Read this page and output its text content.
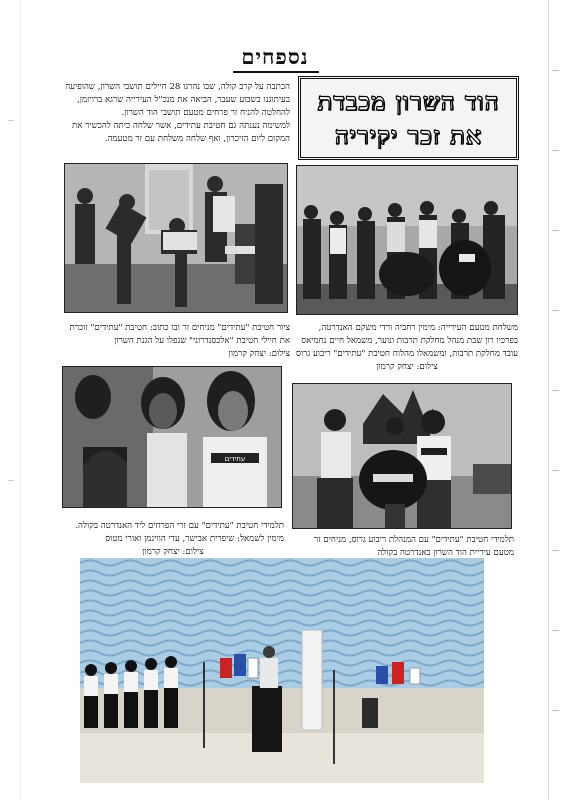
נספחים
הוד השרון מכבדת
את זכר יקיריה

הכתבה על קרב קולה, שבו נהרגו 28 חיילים תושבי השרון, שהופיעה בעיתוננו בשבוע שעבר, הביאה את מנכ"ל העירייה שרגא ברויזמן, להחלטה להניח זר פרחים מטעם תושבי הוד השרון.

למשימה נענתה גם חטיבת עתידים, אשר שלחה כיתה להכשיר את המקום ליום הזיכרון, ואף שלחה משלחת עם זר מטעמה.

ציור חטיבת "עתידים" מניחים זר ובו כתוב: חטיבת "עתידים" זוכרת את חיילי חטיבת "אלכסנדרוני" שנפלו על הגנת השרון
צילום: יצחק קרמון
משלחת מטעם העירייה: מימין רחביה ורדי משקם האנדרטה, בפרכיו רון שבת מנהל מחלקת תרבות ונוער, משמאל חיים נחמיאס עובד מחלקת תרבות, ומשמאלו מהלוח חטיבת "עתידים" ריבוע גרוס
צילום: יצחק קרמון
עתידים
תלמידי חטיבת "עתידים" עם זרי הפרחים ליד האנדרטה בקולה. מימין לשמאל: שיפרית אבישר, עדי הווינמן ואורי מטוס
צילום: יצחק קרמון
תלמידי חטיבת "עתידים" עם המנהלת ריבוע גרוס, מניחים זר מטעם עיריית הוד השרון באנדרטה בקולה
